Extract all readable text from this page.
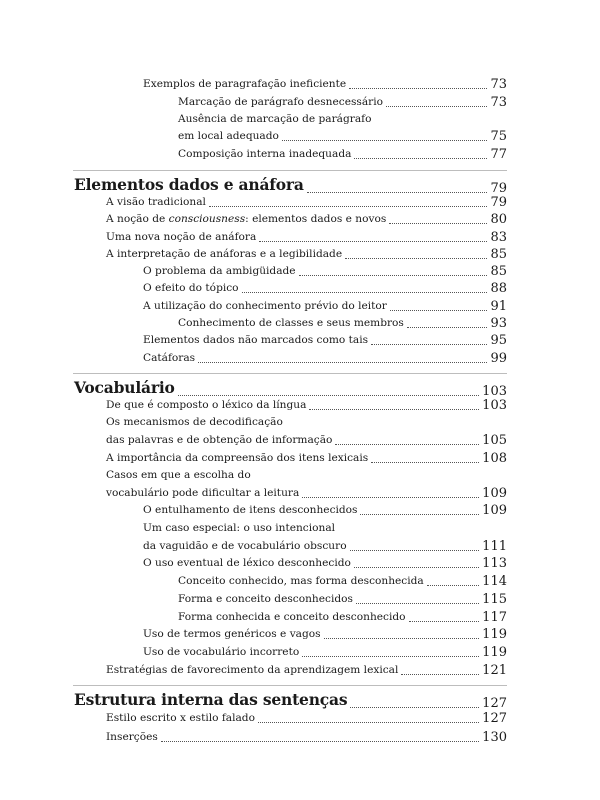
Exemplos de paragrafação ineficiente	73
Marcação de parágrafo desnecessário	73
Ausência de marcação de parágrafo
em local adequado	75
Composição interna inadequada	77
Elementos dados e anáfora	79
A visão tradicional	79
A noção de consciousness: elementos dados e novos	80
Uma nova noção de anáfora	83
A interpretação de anáforas e a legibilidade	85
O problema da ambigüidade	85
O efeito do tópico	88
A utilização do conhecimento prévio do leitor	91
Conhecimento de classes e seus membros	93
Elementos dados não marcados como tais	95
Catáforas	99
Vocabulário	103
De que é composto o léxico da língua	103
Os mecanismos de decodificação
das palavras e de obtenção de informação	105
A importância da compreensão dos itens lexicais	108
Casos em que a escolha do
vocabulário pode dificultar a leitura	109
O entulhamento de itens desconhecidos	109
Um caso especial: o uso intencional
da vaguidão e de vocabulário obscuro	111
O uso eventual de léxico desconhecido	113
Conceito conhecido, mas forma desconhecida	114
Forma e conceito desconhecidos	115
Forma conhecida e conceito desconhecido	117
Uso de termos genéricos e vagos	119
Uso de vocabulário incorreto	119
Estratégias de favorecimento da aprendizagem lexical	121
Estrutura interna das sentenças	127
Estilo escrito x estilo falado	127
Inserções	130
